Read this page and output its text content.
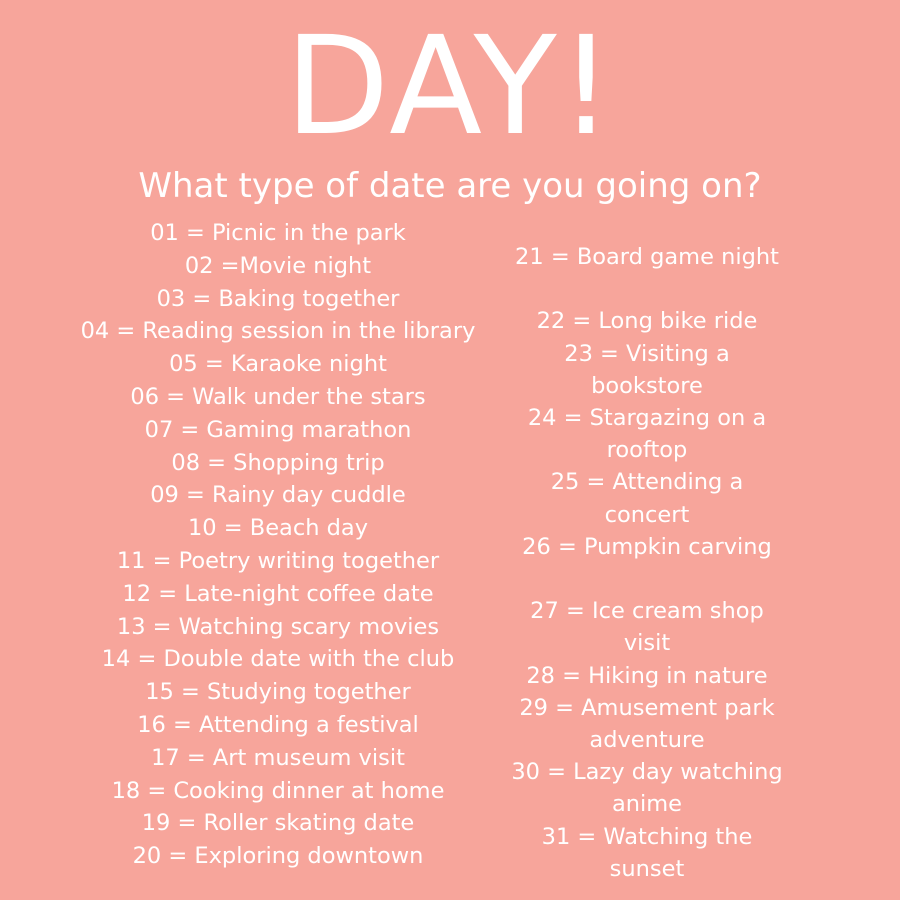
DAY!
What type of date are you going on?
01 = Picnic in the park
02 =Movie night
03 = Baking together
04 = Reading session in the library
05 = Karaoke night
06 = Walk under the stars
07 = Gaming marathon
08 = Shopping trip
09 = Rainy day cuddle
10 = Beach day
11 = Poetry writing together
12 = Late-night coffee date
13 = Watching scary movies
14 = Double date with the club
15 = Studying together
16 = Attending a festival
17 = Art museum visit
18 = Cooking dinner at home
19 = Roller skating date
20 = Exploring downtown
21 = Board game night
22 = Long bike ride
23 = Visiting a bookstore
24 = Stargazing on a rooftop
25 = Attending a concert
26 = Pumpkin carving
27 = Ice cream shop visit
28 = Hiking in nature
29 = Amusement park adventure
30 = Lazy day watching anime
31 = Watching the sunset
